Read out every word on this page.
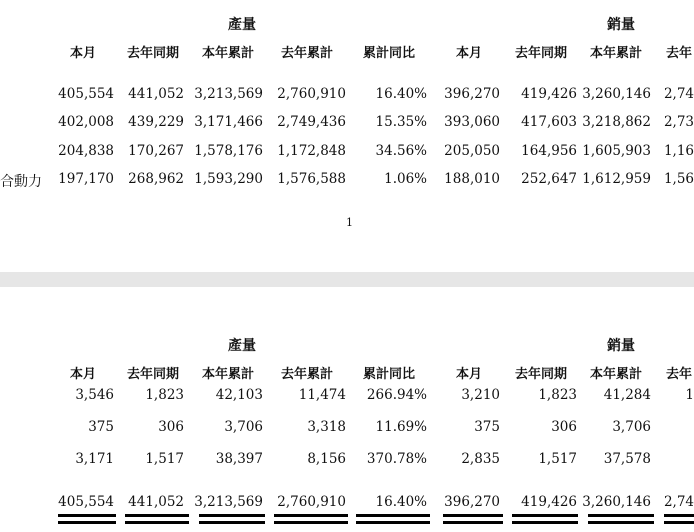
產量	銷量
本月 去年同期 本年累計 去年累計 累計同比	本月	去年同期 本年累計 去年
405,554	441,052 3,213,569	2,760,910	16.40%	396,270	419,426 3,260,146 2,74
402,008	439,229 3,171,466	2,749,436	15.35%	393,060	417,603 3,218,862 2,73
204,838	170,267 1,578,176	1,172,848	34.56%	205,050	164,956 1,605,903 1,16
合動力	197,170	268,962 1,593,290	1,576,588	1.06%	188,010	252,647 1,612,959 1,56
1
產量	銷量
本月 去年同期 本年累計 去年累計 累計同比	本月	去年同期 本年累計 去年
3,546	1,823	42,103	11,474	266.94%	3,210	1,823	41,284	1
375	306	3,706	3,318	11.69%	375	306	3,706
3,171	1,517	38,397	8,156	370.78%	2,835	1,517	37,578
405,554	441,052 3,213,569	2,760,910	16.40%	396,270	419,426 3,260,146 2,74
